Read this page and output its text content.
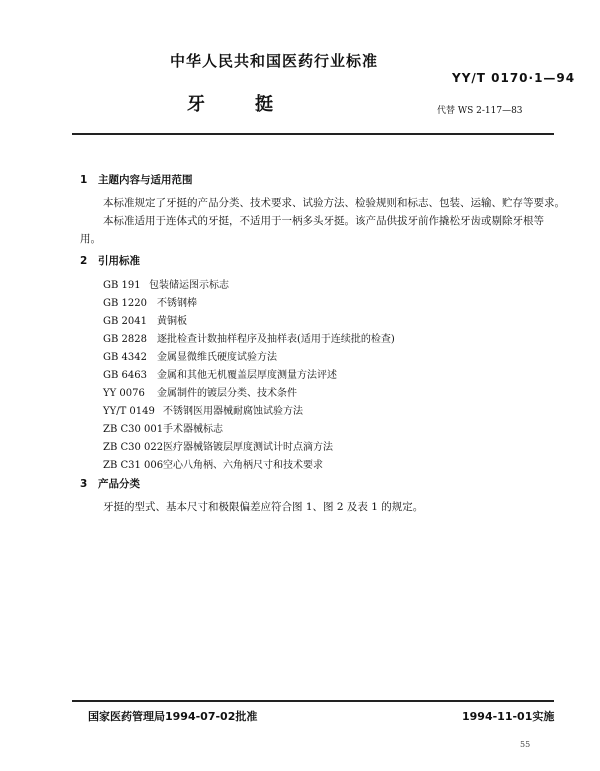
中华人民共和国医药行业标准
YY/T 0170·1—94
牙	挺	代替 WS 2-117—83
1 主题内容与适用范围
本标准规定了牙挺的产品分类、技术要求、试验方法、检验规则和标志、包装、运输、贮存等要求。
本标准适用于连体式的牙挺，不适用于一柄多头牙挺。该产品供拔牙前作撬松牙齿或剔除牙根等
用。
2 引用标准
GB 191 包装储运图示标志
GB 1220 不锈钢棒
GB 2041 黄铜板
GB 2828 逐批检查计数抽样程序及抽样表(适用于连续批的检查)
GB 4342 金属显微维氏硬度试验方法
GB 6463 金属和其他无机覆盖层厚度测量方法评述
YY 0076 金属制件的镀层分类、技术条件
YY/T 0149 不锈钢医用器械耐腐蚀试验方法
ZB C30 001手术器械标志
ZB C30 022医疗器械铬镀层厚度测试计时点滴方法
ZB C31 006空心八角柄、六角柄尺寸和技术要求
3 产品分类
牙挺的型式、基本尺寸和极限偏差应符合图 1、图 2 及表 1 的规定。
国家医药管理局1994-07-02批准	1994-11-01实施
55
